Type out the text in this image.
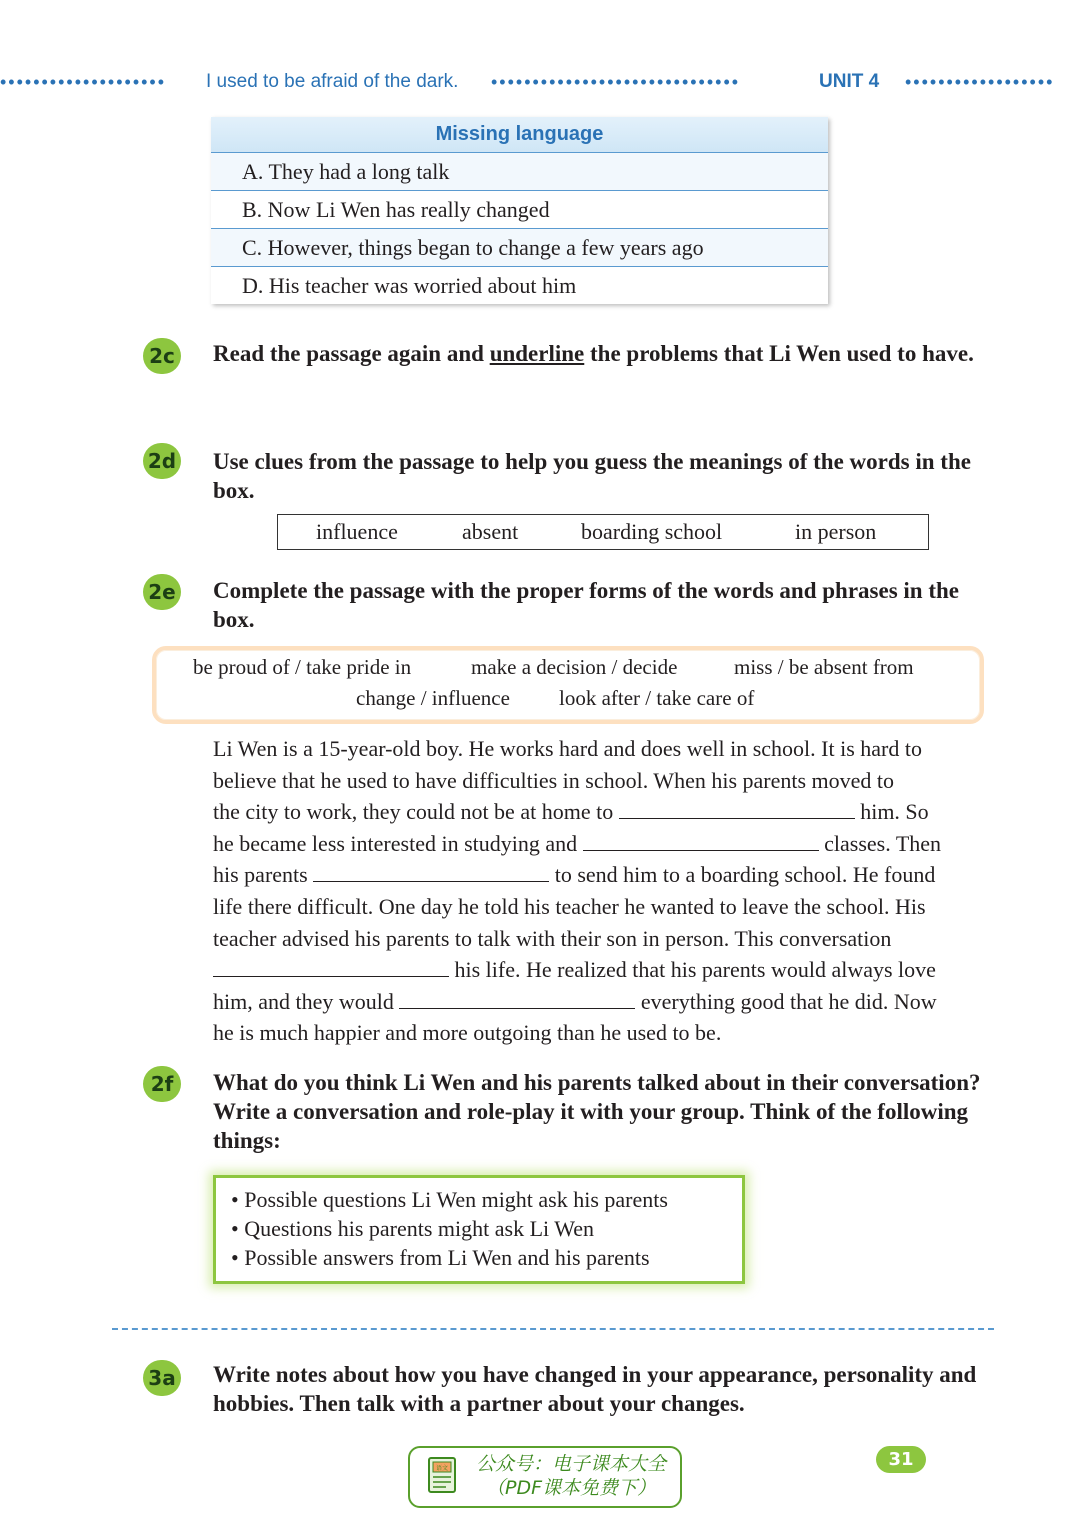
••••••••••••••••••••	I used to be afraid of the dark. ••••••••••••••••••••••••••••••	UNIT 4 ••••••••••••••••••
Missing language
A. They had a long talk
B. Now Li Wen has really changed
C. However, things began to change a few years ago
D. His teacher was worried about him
2c Read the passage again and underline the problems that Li Wen used to have.
2d Use clues from the passage to help you guess the meanings of the words in the box.
influence	absent	boarding school	in person
2e Complete the passage with the proper forms of the words and phrases in the box.
be proud of / take pride in	make a decision / decide	miss / be absent from
change / influence look after / take care of
Li Wen is a 15-year-old boy. He works hard and does well in school. It is hard to
believe that he used to have difficulties in school. When his parents moved to
the city to work, they could not be at home to	him. So
he became less interested in studying and	classes. Then
his parents	to send him to a boarding school. He found
life there difficult. One day he told his teacher he wanted to leave the school. His
teacher advised his parents to talk with their son in person. This conversation
his life. He realized that his parents would always love
him, and they would	everything good that he did. Now
he is much happier and more outgoing than he used to be.
2f	What do you think Li Wen and his parents talked about in their conversation? Write a conversation and role-play it with your group. Think of the following things:
• Possible questions Li Wen might ask his parents
• Questions his parents might ask Li Wen
• Possible answers from Li Wen and his parents
3a Write notes about how you have changed in your appearance, personality and hobbies. Then talk with a partner about your changes.
语文	公众号：电子课本大全
（PDF课本免费下）
31
